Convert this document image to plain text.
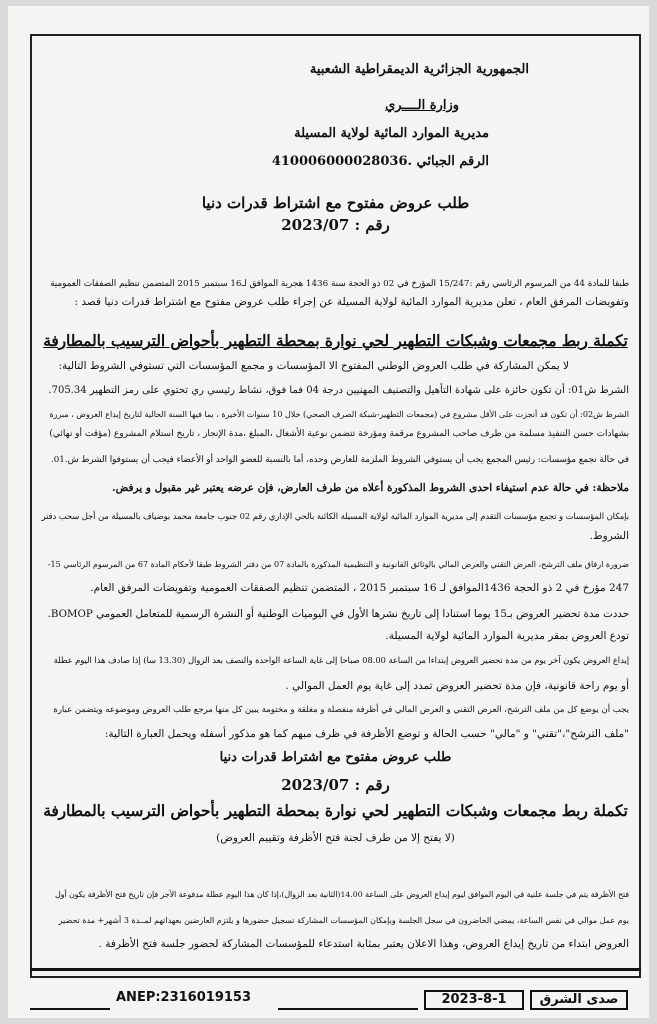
الجمهورية الجزائرية الديمقراطية الشعبية
وزارة الــــري
مديرية الموارد المائية لولاية المسيلة
الرقم الجبائي .410006000028036
طلب عروض مفتوح مع اشتراط قدرات دنيا
رقم : 2023/07
طبقا للمادة 44 من المرسوم الرئاسي رقم :15/247 المؤرخ في 02 ذو الحجة سنة 1436 هجرية الموافق لـ16 سبتمبر 2015 المتضمن تنظيم الصفقات العمومية
وتفويضات المرفق العام ، تعلن مديرية الموارد المائية لولاية المسيلة عن إجراء طلب عروض مفتوح مع اشتراط قدرات دنيا قصد :
تكملة ربط مجمعات وشبكات التطهير لحي نوارة بمحطة التطهير بأحواض الترسيب بالمطارفة
لا يمكن المشاركة في طلب العروض الوطني المفتوح الا المؤسسات و مجمع المؤسسات التي تستوفي الشروط التالية:
الشرط ش01: أن تكون حائزة على شهادة التأهيل والتصنيف المهنيين درجة 04 فما فوق، نشاط رئيسي ري تحتوي على رمز التطهير 705.34.
الشرط ش02: أن تكون قد أنجزت على الأقل مشروع في (مجمعات التطهير-شبكة الصرف الصحي) خلال 10 سنوات الأخيرة ، بما فيها السنة الحالية لتاريخ إيداع العروض ، مبررة
بشهادات حسن التنفيذ مسلمة من طرف صاحب المشروع مرقمة ومؤرخة تتضمن نوعية الأشغال ،المبلغ ،مدة الإنجاز ، تاريخ استلام المشروع (مؤقت أو نهائي)
في حالة تجمع مؤسسات: رئيس المجمع يجب أن يستوفي الشروط الملزمة للعارض وحده، أما بالنسبة للعضو الواحد أو الأعضاء فيجب أن يستوفوا الشرط ش.01.
ملاحظة: في حالة عدم استيفاء احدى الشروط المذكورة أعلاه من طرف العارض، فإن عرضه يعتبر غير مقبول و يرفض.
بإمكان المؤسسات و تجمع مؤسسات التقدم إلى مديرية الموارد المائية لولاية المسيلة الكائنة بالحي الإداري رقم 02 جنوب جامعة محمد بوضياف بالمسيلة من أجل سحب دفتر
الشروط.
ضرورة ارفاق ملف الترشح، العرض التقني والعرض المالي بالوثائق القانونية و التنظيمية المذكورة بالمادة 07 من دفتر الشروط طبقا لأحكام المادة 67 من المرسوم الرئاسي 15-
247 مؤرخ في 2 ذو الحجة 1436الموافق لـ 16 سبتمبر 2015 ، المتضمن تنظيم الصفقات العمومية وتفويضات المرفق العام.
حددت مدة تحضير العروض بـ15 يوما استنادا إلى تاريخ نشرها الأول في اليوميات الوطنية أو النشرة الرسمية للمتعامل العمومي BOMOP.
تودع العروض بمقر مديرية الموارد المائية لولاية المسيلة.
إيداع العروض يكون آخر يوم من مدة تحضير العروض إبتداءا من الساعة 08.00 صباحا إلى غاية الساعة الواحدة والنصف بعد الزوال (13.30 سا) إذا صادف هذا اليوم عطلة
أو يوم راحة قانونية، فإن مدة تحضير العروض تمدد إلى غاية يوم العمل الموالي .
يجب أن يوضع كل من ملف الترشح، العرض التقني و العرض المالي في أظرفة منفصلة و مغلقة و مختومة يبين كل منها مرجع طلب العروض وموضوعه ويتضمن عبارة
"ملف الترشح"،"تقني" و "مالي" حسب الحالة و توضع الأظرفة في ظرف مبهم كما هو مذكور أسفله ويحمل العبارة التالية:
طلب عروض مفتوح مع اشتراط قدرات دنيا
رقم : 2023/07
تكملة ربط مجمعات وشبكات التطهير لحي نوارة بمحطة التطهير بأحواض الترسيب بالمطارفة
(لا يفتح إلا من طرف لجنة فتح الأظرفة وتقييم العروض)
فتح الأظرفة يتم في جلسة علنية في اليوم الموافق ليوم إيداع العروض على الساعة 14.00(الثانية بعد الزوال)،إذا كان هذا اليوم عطلة مدفوعة الأجر فإن تاريخ فتح الأظرفة يكون أول
يوم عمل موالي في نفس الساعة، يمضي الحاضرون في سجل الجلسة وبإمكان المؤسسات المشاركة تسجيل حضورها و يلتزم العارضين بعهداتهم لمــدة 3 أشهر+ مدة تحضير
العروض ابتداء من تاريخ إيداع العروض، وهذا الاعلان يعتبر بمثابة استدعاء للمؤسسات المشاركة لحضور جلسة فتح الأظرفة .
ANEP:2316019153	2023-8-1	صدى الشرق
